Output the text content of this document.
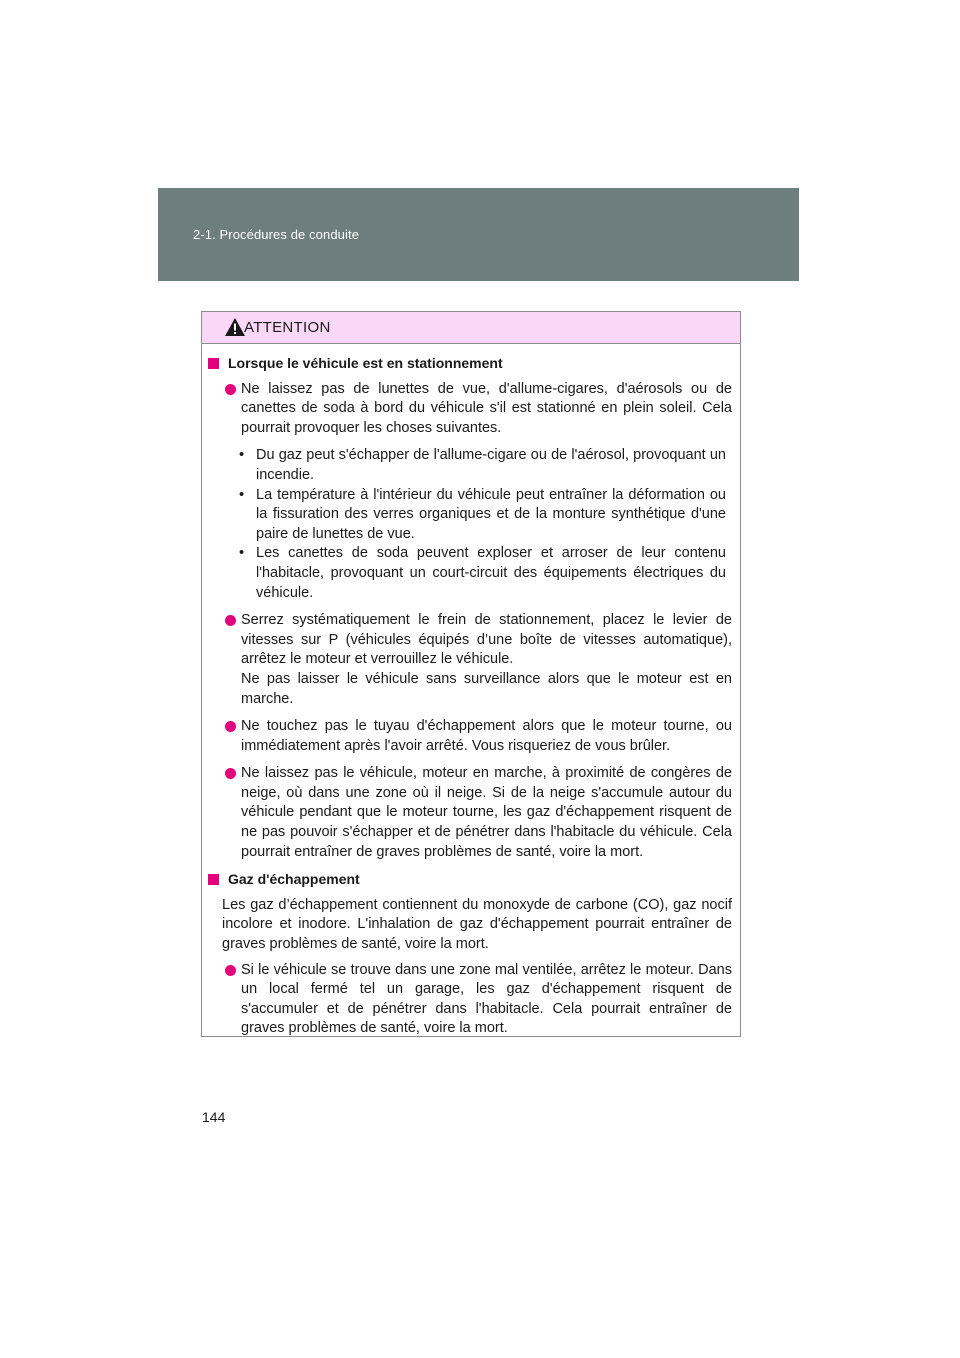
2-1. Procédures de conduite
ATTENTION
Lorsque le véhicule est en stationnement
Ne laissez pas de lunettes de vue, d'allume-cigares, d'aérosols ou de canettes de soda à bord du véhicule s'il est stationné en plein soleil. Cela pourrait provoquer les choses suivantes.
• Du gaz peut s'échapper de l'allume-cigare ou de l'aérosol, provoquant un incendie.
• La température à l'intérieur du véhicule peut entraîner la déformation ou la fissuration des verres organiques et de la monture synthétique d'une paire de lunettes de vue.
• Les canettes de soda peuvent exploser et arroser de leur contenu l'habitacle, provoquant un court-circuit des équipements électriques du véhicule.
Serrez systématiquement le frein de stationnement, placez le levier de vitesses sur P (véhicules équipés d’une boîte de vitesses automatique), arrêtez le moteur et verrouillez le véhicule.
Ne pas laisser le véhicule sans surveillance alors que le moteur est en marche.
Ne touchez pas le tuyau d'échappement alors que le moteur tourne, ou immédiatement après l'avoir arrêté. Vous risqueriez de vous brûler.
Ne laissez pas le véhicule, moteur en marche, à proximité de congères de neige, où dans une zone où il neige. Si de la neige s'accumule autour du véhicule pendant que le moteur tourne, les gaz d'échappement risquent de ne pas pouvoir s'échapper et de pénétrer dans l'habitacle du véhicule. Cela pourrait entraîner de graves problèmes de santé, voire la mort.
Gaz d'échappement
Les gaz d’échappement contiennent du monoxyde de carbone (CO), gaz nocif incolore et inodore. L'inhalation de gaz d'échappement pourrait entraîner de graves problèmes de santé, voire la mort.
Si le véhicule se trouve dans une zone mal ventilée, arrêtez le moteur. Dans un local fermé tel un garage, les gaz d'échappement risquent de s'accumuler et de pénétrer dans l'habitacle. Cela pourrait entraîner de graves problèmes de santé, voire la mort.
144
